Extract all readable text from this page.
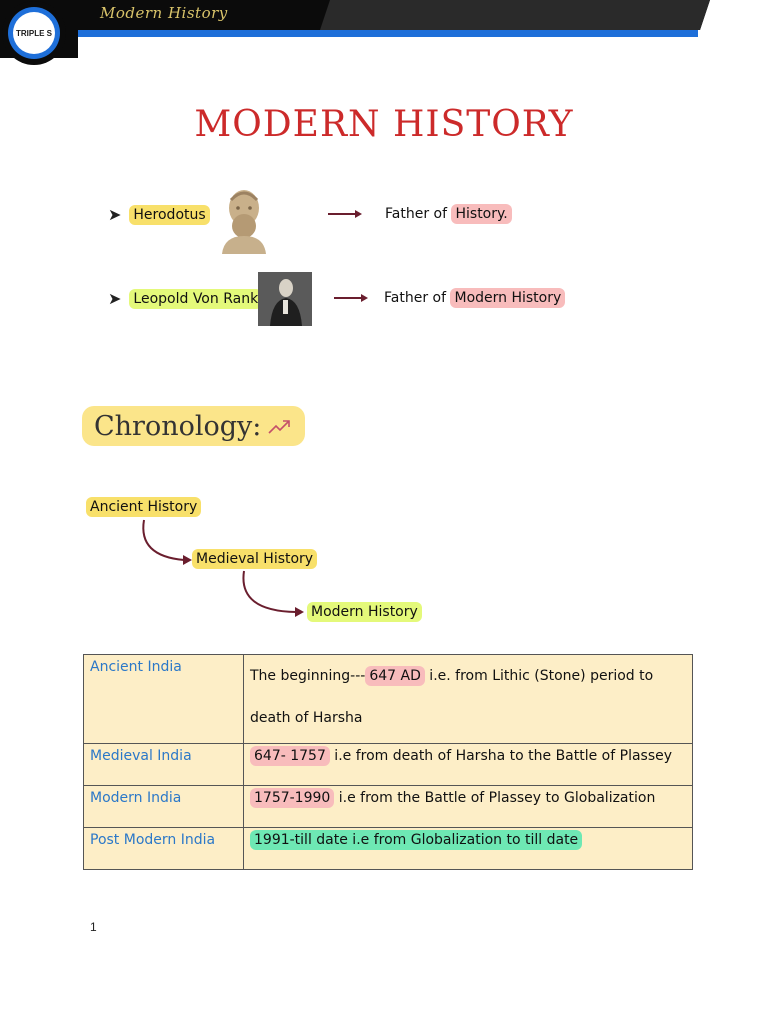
TRIPLE S
Modern History
MODERN HISTORY
➤ Herodotus	Father of History.
➤ Leopold Von Rank	Father of Modern History
Chronology:
Ancient History
Medieval History
Modern History
Ancient India	The beginning--- 647 AD i.e. from Lithic (Stone) period to death of Harsha
Medieval India	647- 1757 i.e from death of Harsha to the Battle of Plassey
Modern India	1757-1990 i.e from the Battle of Plassey to Globalization
Post Modern India	1991-till date i.e from Globalization to till date
1
